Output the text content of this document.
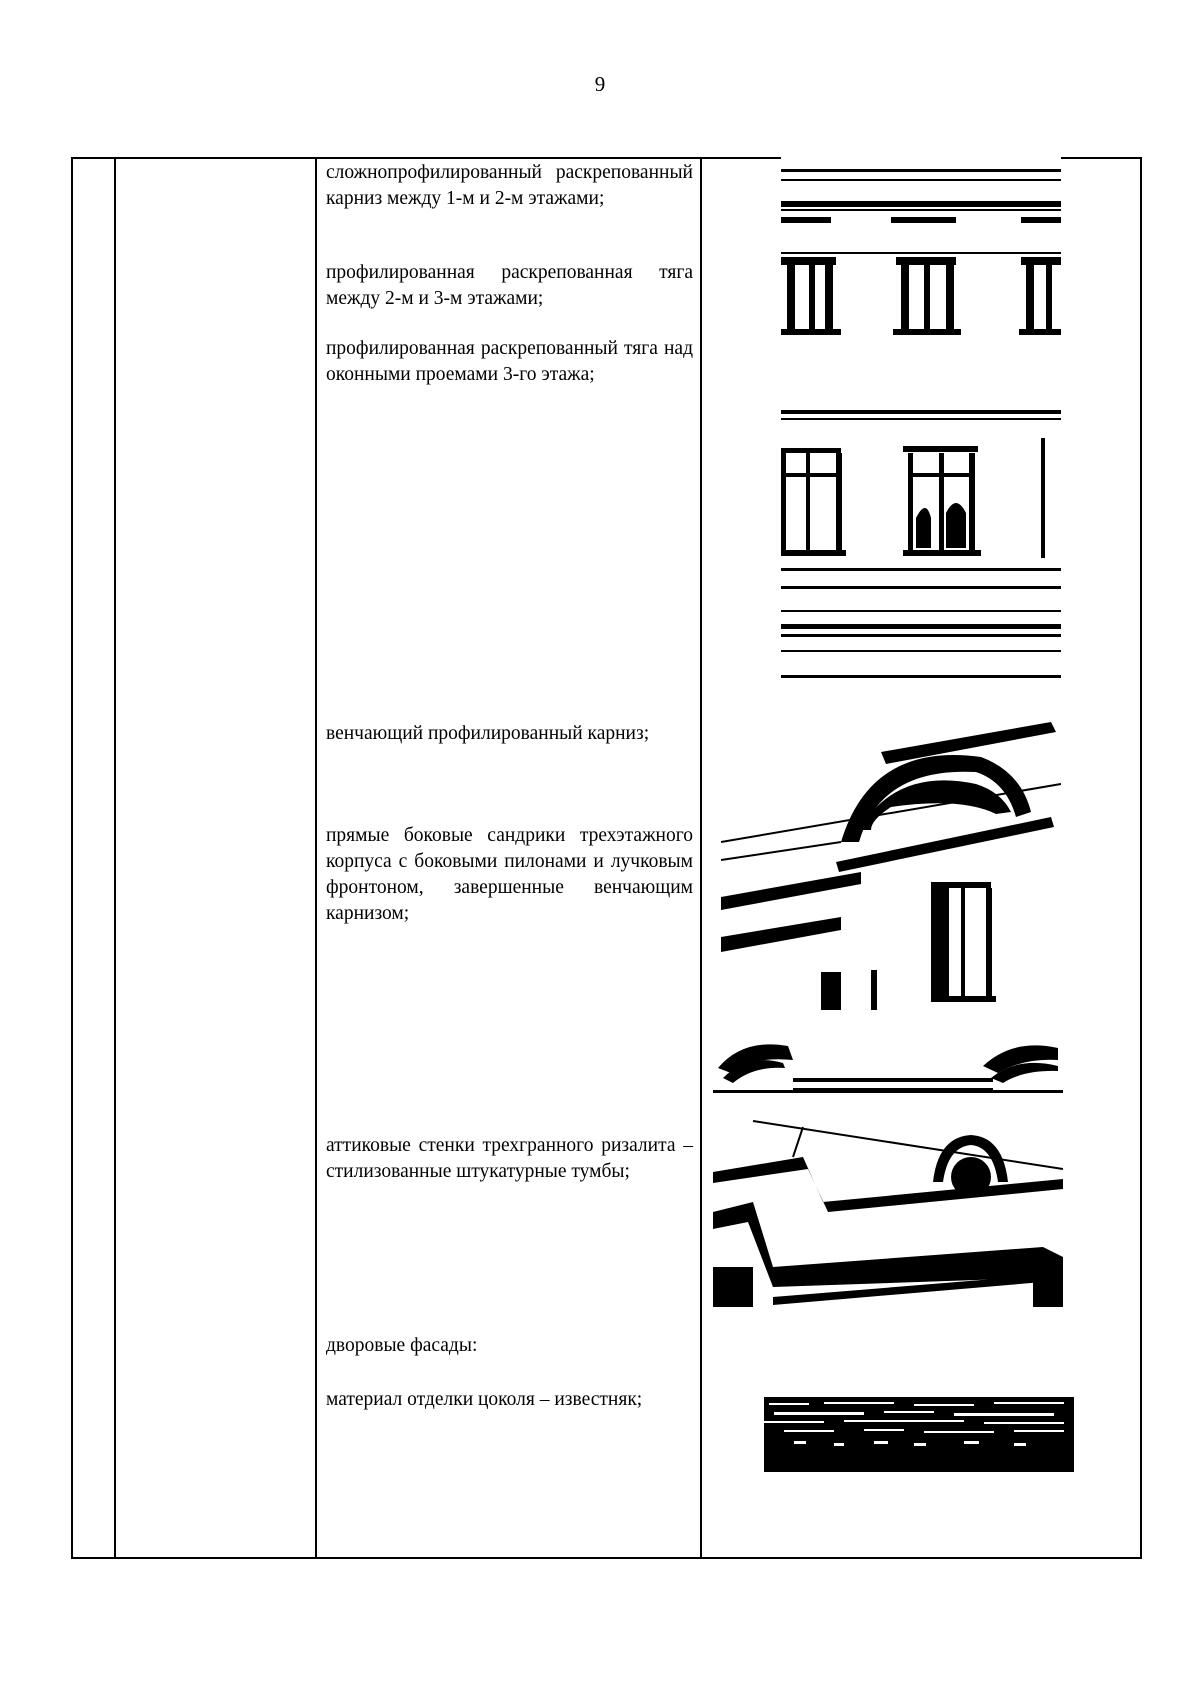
9

сложнопрофилированный раскрепованный карниз между 1-м и 2-м этажами;

профилированная раскрепованная тяга между 2-м и 3-м этажами;

профилированная раскрепованный тяга над оконными проемами 3-го этажа;

венчающий профилированный карниз;

прямые боковые сандрики трехэтажного корпуса с боковыми пилонами и лучковым фронтоном, завершенные венчающим карнизом;

аттиковые стенки трехгранного ризалита – стилизованные штукатурные тумбы;

дворовые фасады:

материал отделки цоколя – известняк;
